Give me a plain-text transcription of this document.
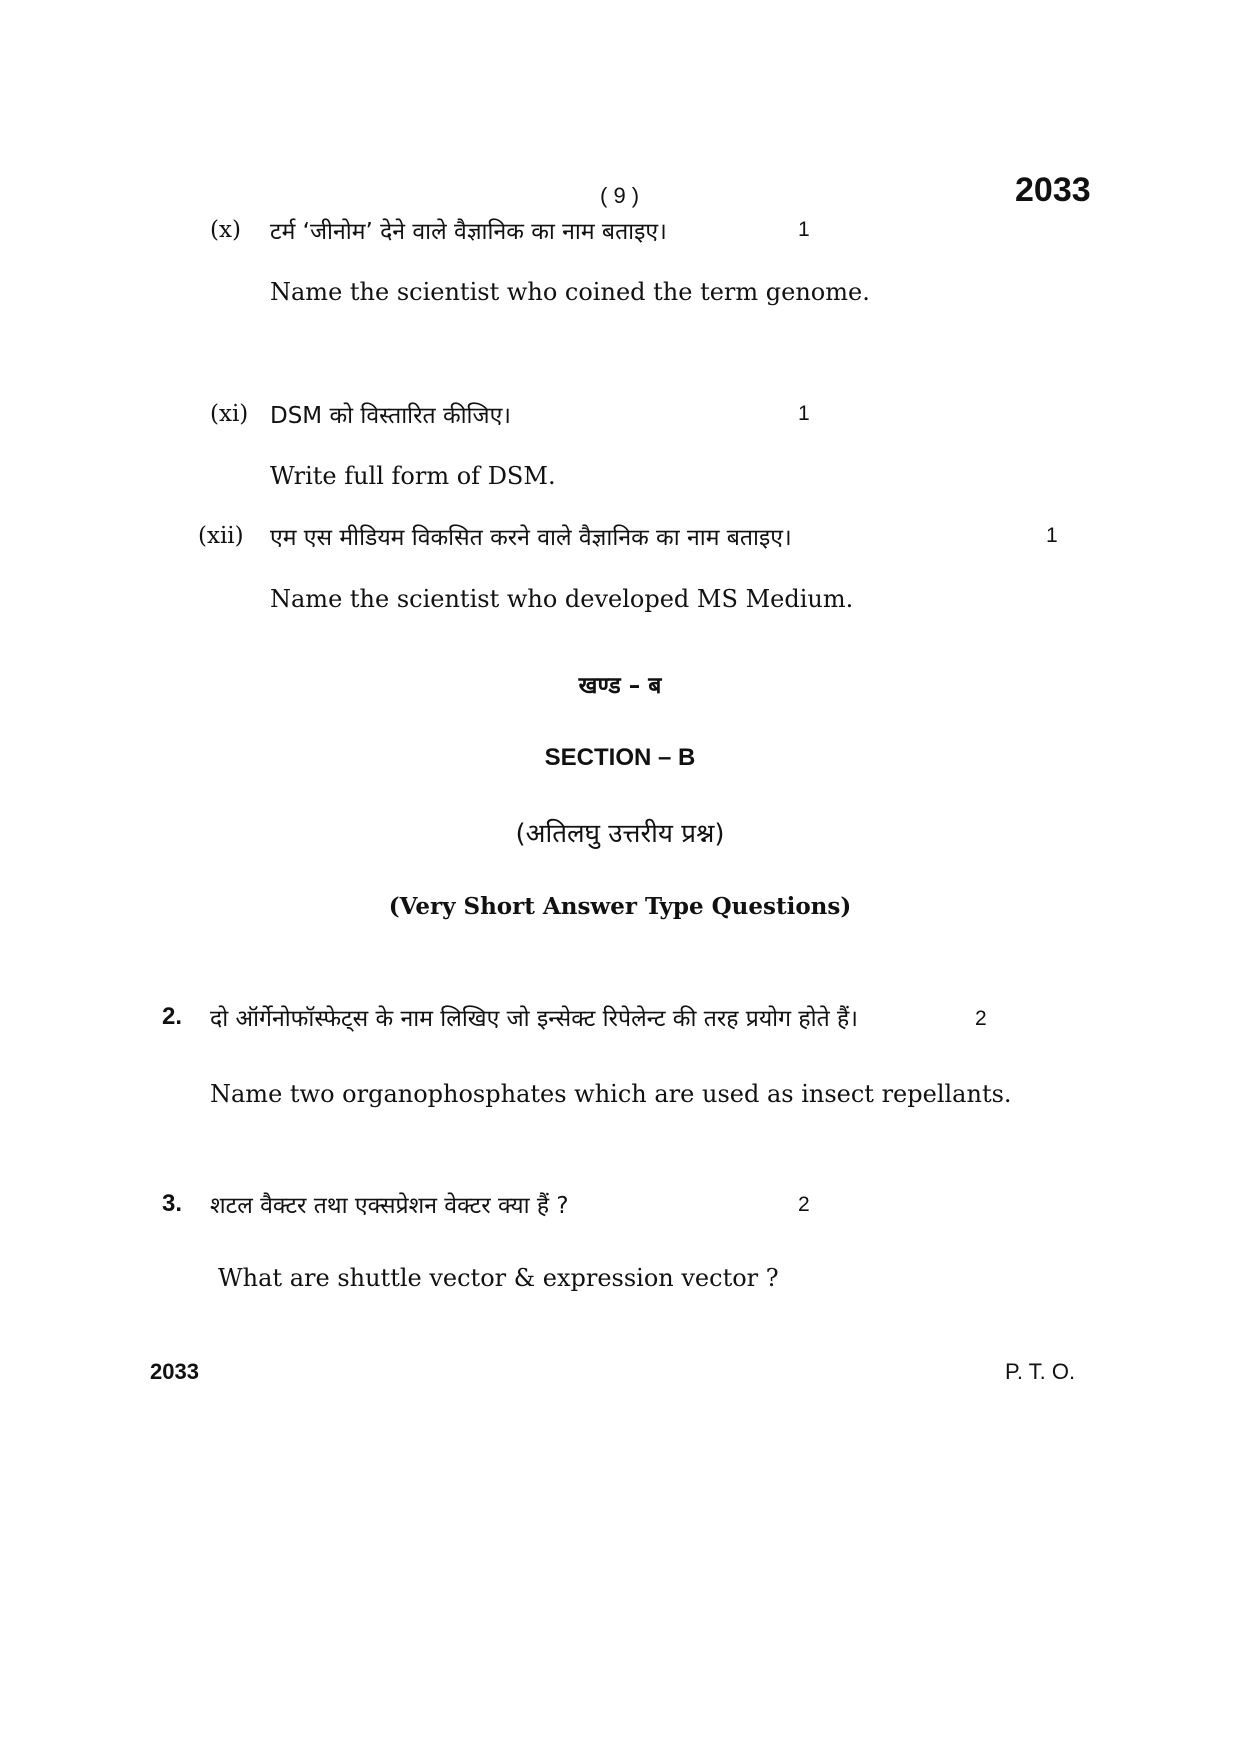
( 9 )	2033
(x) टर्म ‘जीनोम’ देने वाले वैज्ञानिक का नाम बताइए।	1
Name the scientist who coined the term genome.
(xi) DSM को विस्तारित कीजिए।	1
Write full form of DSM.
(xii) एम एस मीडियम विकसित करने वाले वैज्ञानिक का नाम बताइए।	1
Name the scientist who developed MS Medium.
खण्ड – ब
SECTION – B
(अतिलघु उत्तरीय प्रश्न)
(Very Short Answer Type Questions)
2. दो ऑर्गेनोफॉस्फेट्स के नाम लिखिए जो इन्सेक्ट रिपेलेन्ट की तरह प्रयोग होते हैं।	2
Name two organophosphates which are used as insect repellants.
3. शटल वैक्टर तथा एक्सप्रेशन वेक्टर क्या हैं ?	2
What are shuttle vector & expression vector ?
2033	P. T. O.
